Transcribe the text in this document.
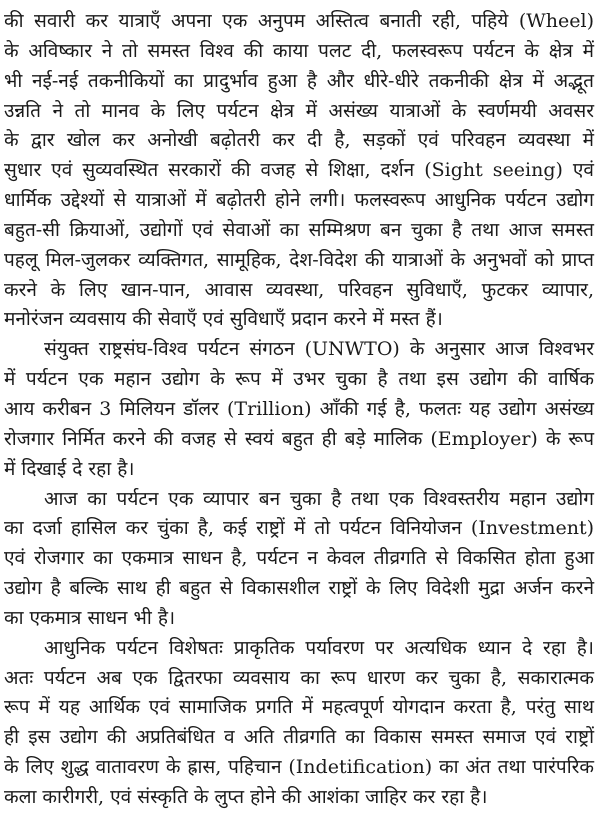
की सवारी कर यात्राएँ अपना एक अनुपम अस्तित्व बनाती रही, पहिये (Wheel)
के अविष्कार ने तो समस्त विश्व की काया पलट दी, फलस्वरूप पर्यटन के क्षेत्र में
भी नई-नई तकनीकियों का प्रादुर्भाव हुआ है और धीरे-धीरे तकनीकी क्षेत्र में अद्भूत
उन्नति ने तो मानव के लिए पर्यटन क्षेत्र में असंख्य यात्राओं के स्वर्णमयी अवसर
के द्वार खोल कर अनोखी बढ़ोतरी कर दी है, सड़कों एवं परिवहन व्यवस्था में
सुधार एवं सुव्यवस्थित सरकारों की वजह से शिक्षा, दर्शन (Sight seeing) एवं
धार्मिक उद्देश्यों से यात्राओं में बढ़ोतरी होने लगी। फलस्वरूप आधुनिक पर्यटन उद्योग
बहुत-सी क्रियाओं, उद्योगों एवं सेवाओं का सम्मिश्रण बन चुका है तथा आज समस्त
पहलू मिल-जुलकर व्यक्तिगत, सामूहिक, देश-विदेश की यात्राओं के अनुभवों को प्राप्त
करने के लिए खान-पान, आवास व्यवस्था, परिवहन सुविधाएँ, फुटकर व्यापार,
मनोरंजन व्यवसाय की सेवाएँ एवं सुविधाएँ प्रदान करने में मस्त हैं।
संयुक्त राष्ट्रसंघ-विश्व पर्यटन संगठन (UNWTO) के अनुसार आज विश्वभर
में पर्यटन एक महान उद्योग के रूप में उभर चुका है तथा इस उद्योग की वार्षिक
आय करीबन 3 मिलियन डॉलर (Trillion) आँकी गई है, फलतः यह उद्योग असंख्य
रोजगार निर्मित करने की वजह से स्वयं बहुत ही बड़े मालिक (Employer) के रूप
में दिखाई दे रहा है।
आज का पर्यटन एक व्यापार बन चुका है तथा एक विश्वस्तरीय महान उद्योग
का दर्जा हासिल कर चुंका है, कई राष्ट्रों में तो पर्यटन विनियोजन (Investment)
एवं रोजगार का एकमात्र साधन है, पर्यटन न केवल तीव्रगति से विकसित होता हुआ
उद्योग है बल्कि साथ ही बहुत से विकासशील राष्ट्रों के लिए विदेशी मुद्रा अर्जन करने
का एकमात्र साधन भी है।
आधुनिक पर्यटन विशेषतः प्राकृतिक पर्यावरण पर अत्यधिक ध्यान दे रहा है।
अतः पर्यटन अब एक द्वितरफा व्यवसाय का रूप धारण कर चुका है, सकारात्मक
रूप में यह आर्थिक एवं सामाजिक प्रगति में महत्वपूर्ण योगदान करता है, परंतु साथ
ही इस उद्योग की अप्रतिबंधित व अति तीव्रगति का विकास समस्त समाज एवं राष्ट्रों
के लिए शुद्ध वातावरण के ह्रास, पहिचान (Indetification) का अंत तथा पारंपरिक
कला कारीगरी, एवं संस्कृति के लुप्त होने की आशंका जाहिर कर रहा है।
